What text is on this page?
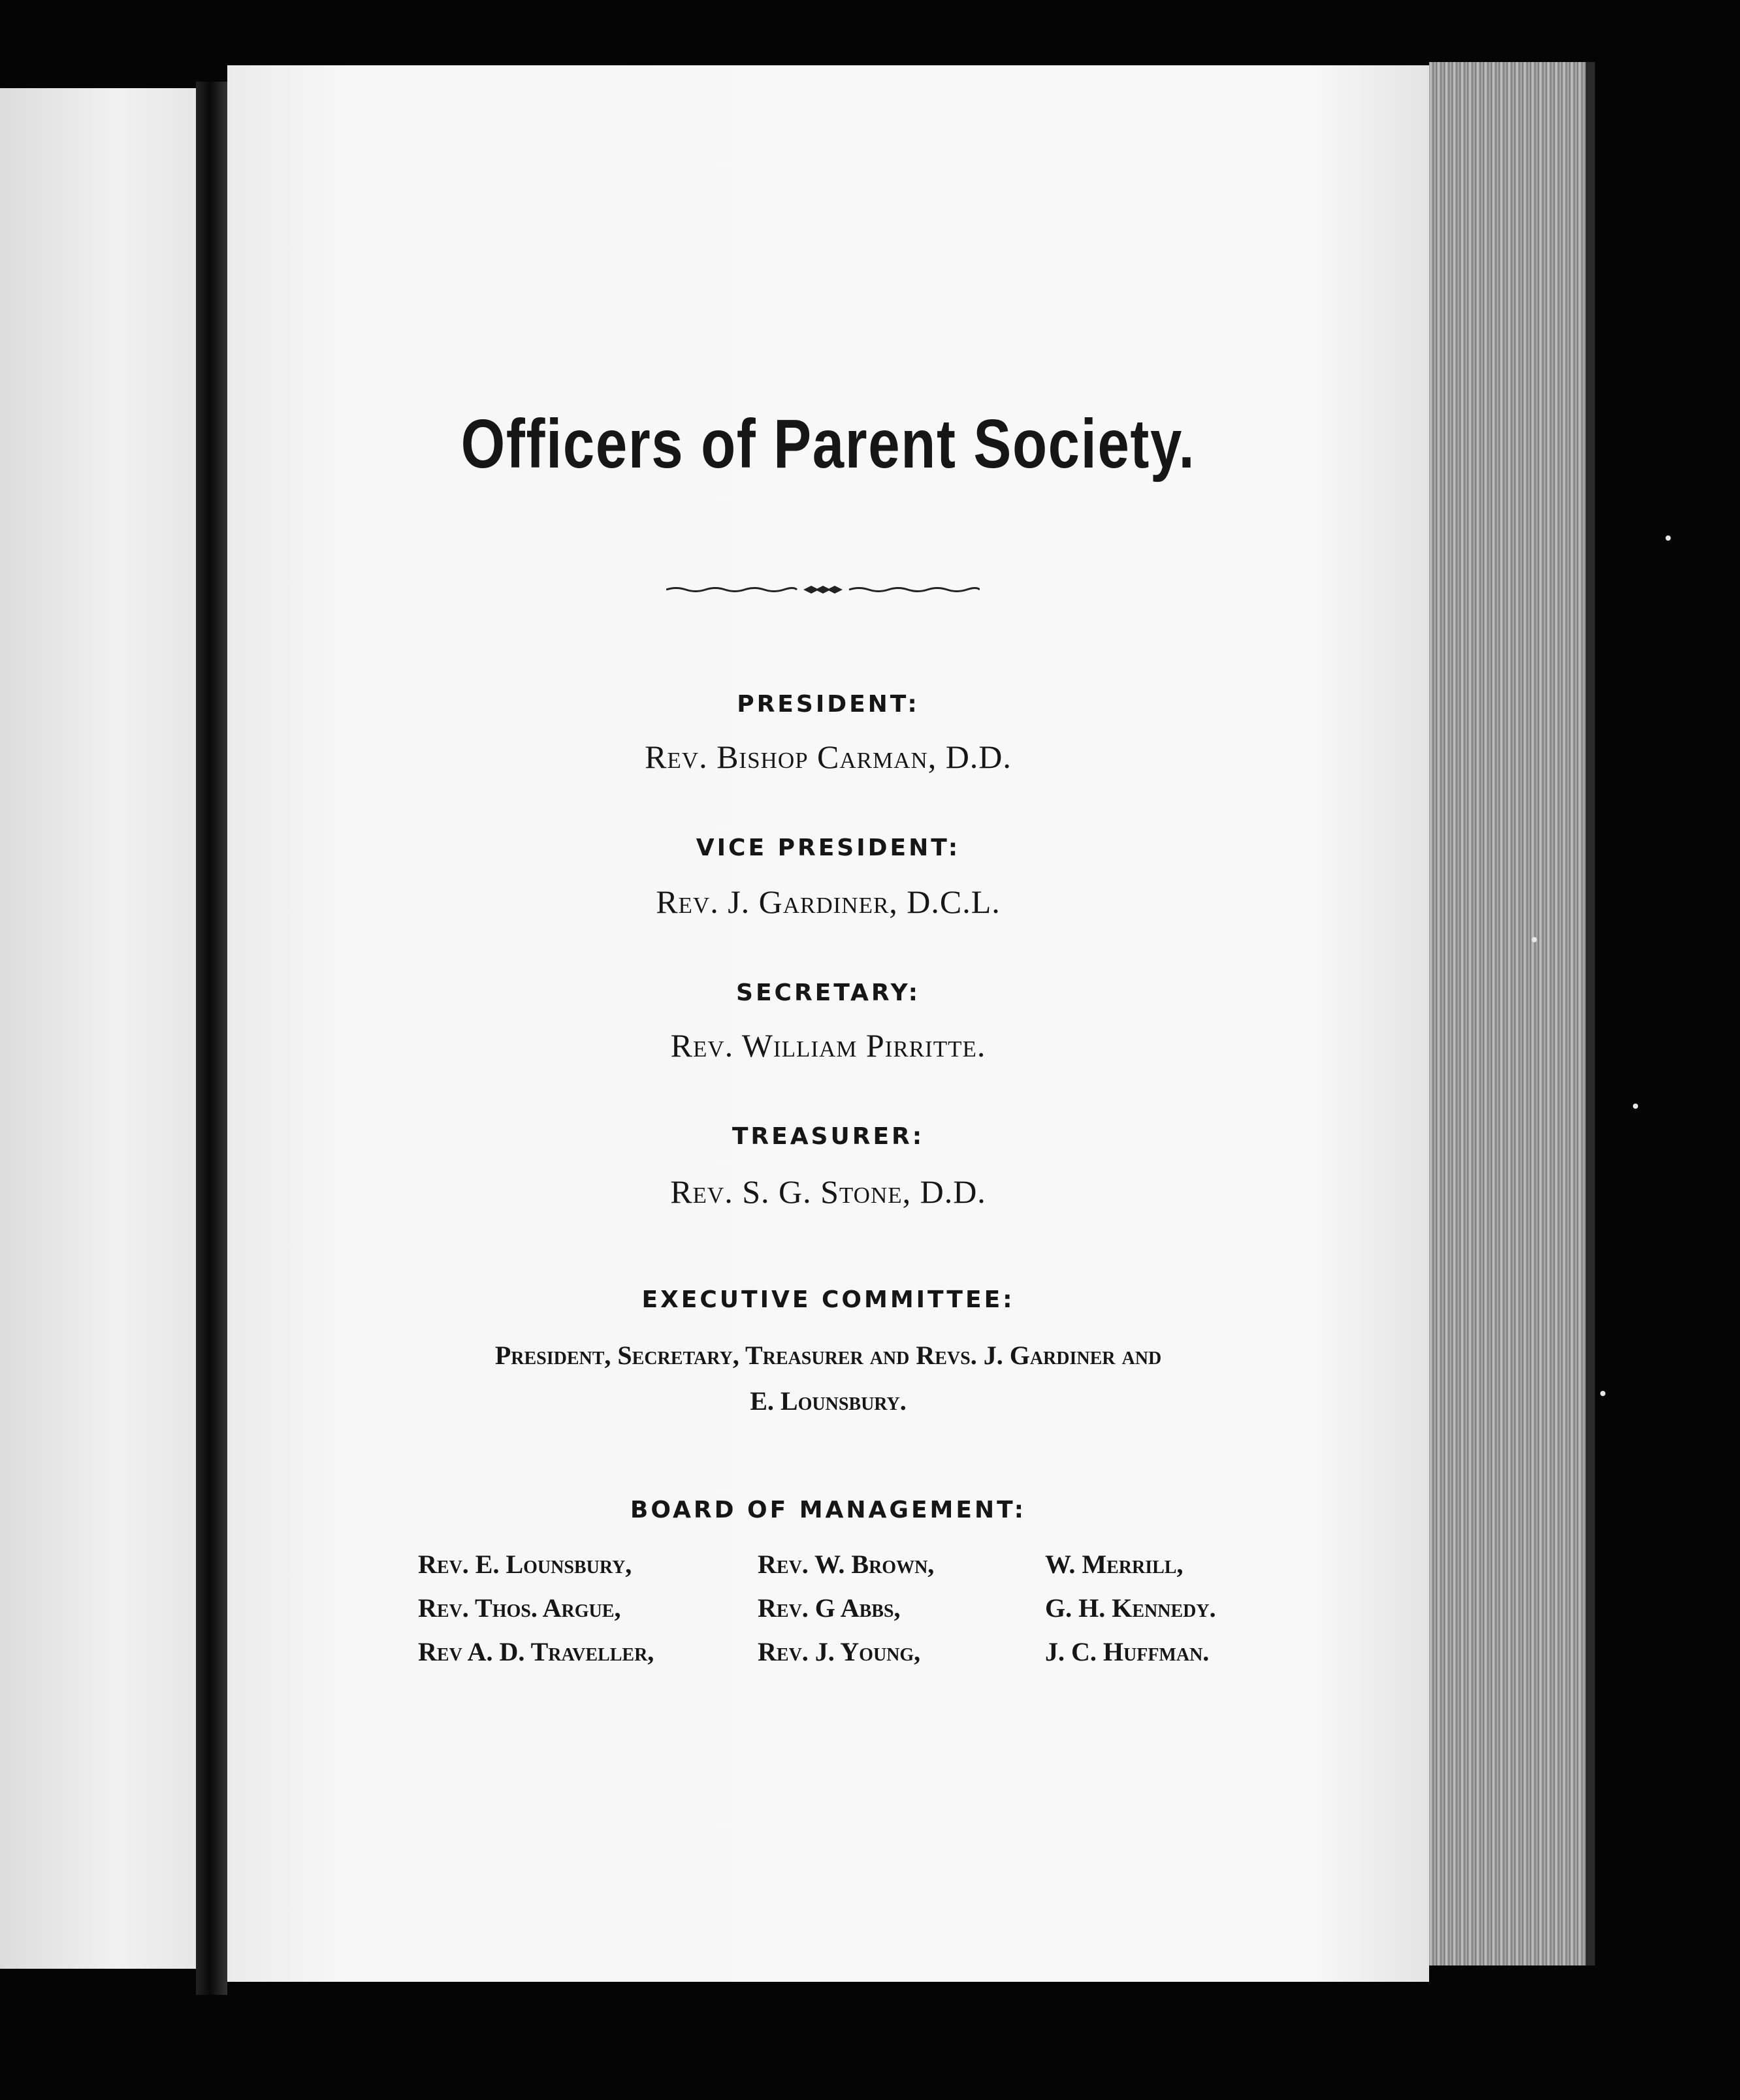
Officers of Parent Society.
PRESIDENT:
Rev. Bishop Carman, D.D.
VICE PRESIDENT:
Rev. J. Gardiner, D.C.L.
SECRETARY:
Rev. William Pirritte.
TREASURER:
Rev. S. G. Stone, D.D.
EXECUTIVE COMMITTEE:
President, Secretary, Treasurer and Revs. J. Gardiner and
E. Lounsbury.
BOARD OF MANAGEMENT:
Rev. E. Lounsbury,	Rev. W. Brown,	W. Merrill,
Rev. Thos. Argue,	Rev. G Abbs,	G. H. Kennedy.
Rev A. D. Traveller,	Rev. J. Young,	J. C. Huffman.
